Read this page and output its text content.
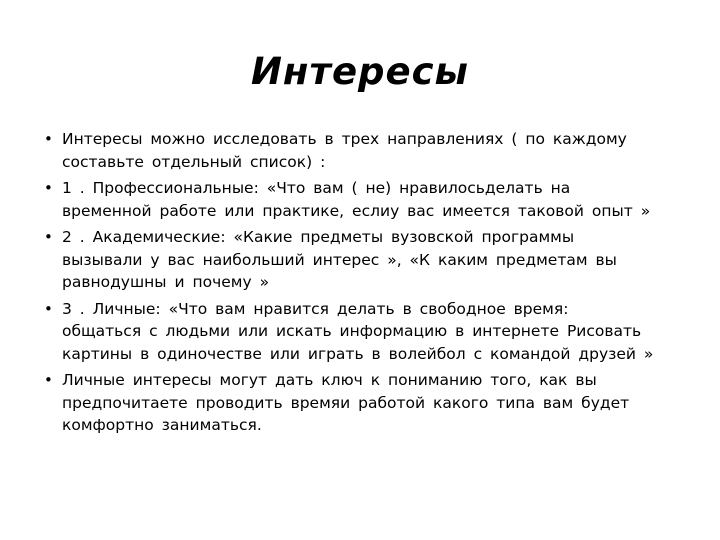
Интересы
• Интересы можно исследовать в трех направлениях ( по каждому
составьте отдельный список) :
• 1 . Профессиональные: «Что вам ( не) нравилосьделать на
временной работе или практике, еслиу вас имеется таковой опыт »
• 2 . Академические: «Какие предметы вузовской программы
вызывали у вас наибольший интерес », «К каким предметам вы
равнодушны и почему »
• 3 . Личные: «Что вам нравится делать в свободное время:
общаться с людьми или искать информацию в интернете Рисовать
картины в одиночестве или играть в волейбол с командой друзей »
• Личные интересы могут дать ключ к пониманию того, как вы
предпочитаете проводить времяи работой какого типа вам будет
комфортно заниматься.
